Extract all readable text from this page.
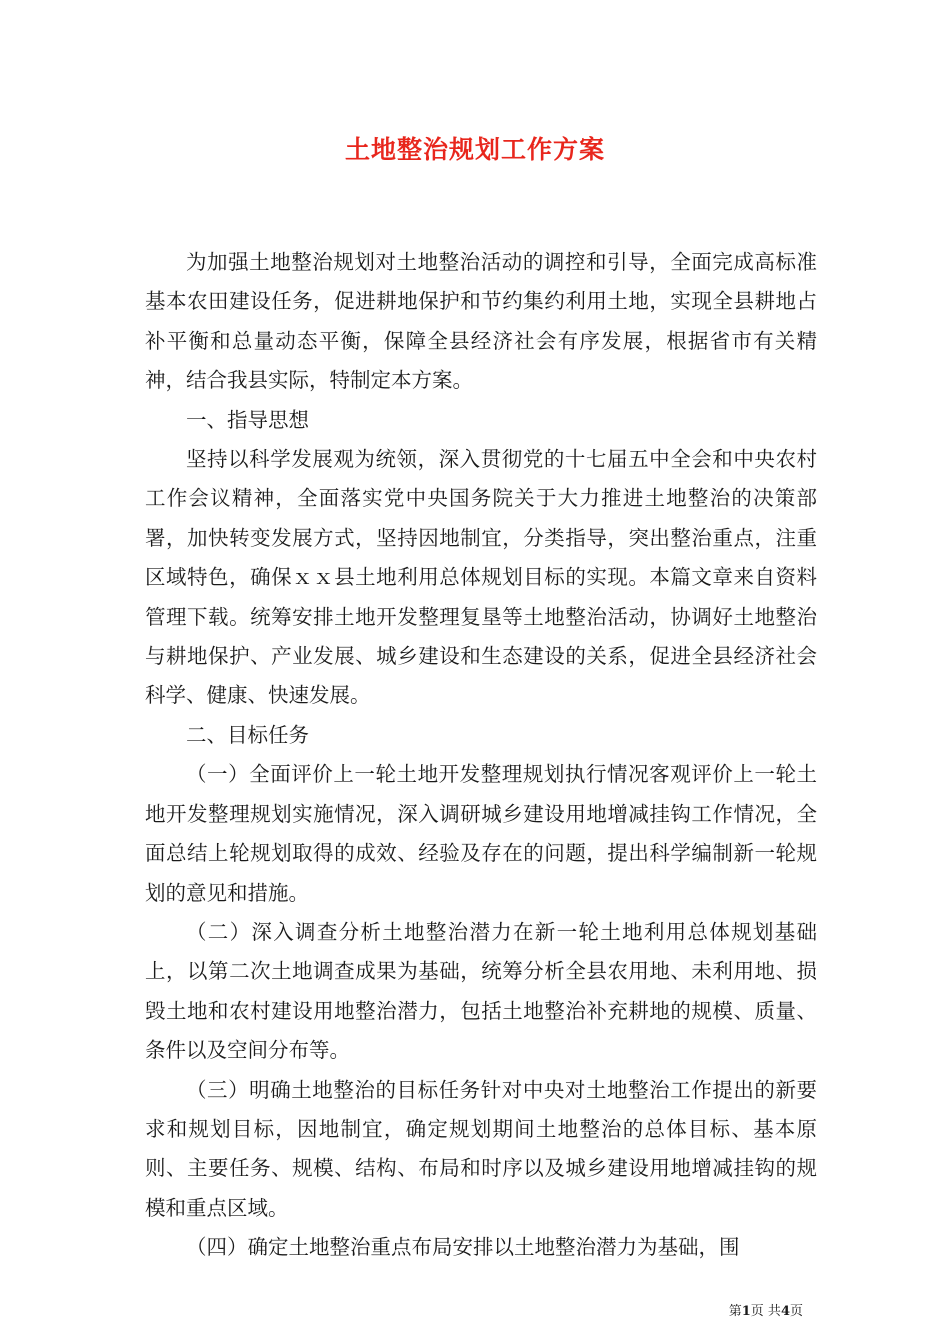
土地整治规划工作方案

为加强土地整治规划对土地整治活动的调控和引导，全面完成高标准基本农田建设任务，促进耕地保护和节约集约利用土地，实现全县耕地占补平衡和总量动态平衡，保障全县经济社会有序发展，根据省市有关精神，结合我县实际，特制定本方案。

一、指导思想

坚持以科学发展观为统领，深入贯彻党的十七届五中全会和中央农村工作会议精神，全面落实党中央国务院关于大力推进土地整治的决策部署，加快转变发展方式，坚持因地制宜，分类指导，突出整治重点，注重区域特色，确保ｘｘ县土地利用总体规划目标的实现。本篇文章来自资料管理下载。统筹安排土地开发整理复垦等土地整治活动，协调好土地整治与耕地保护、产业发展、城乡建设和生态建设的关系，促进全县经济社会科学、健康、快速发展。

二、目标任务

（一）全面评价上一轮土地开发整理规划执行情况客观评价上一轮土地开发整理规划实施情况，深入调研城乡建设用地增减挂钩工作情况，全面总结上轮规划取得的成效、经验及存在的问题，提出科学编制新一轮规划的意见和措施。

（二）深入调查分析土地整治潜力在新一轮土地利用总体规划基础上，以第二次土地调查成果为基础，统筹分析全县农用地、未利用地、损毁土地和农村建设用地整治潜力，包括土地整治补充耕地的规模、质量、条件以及空间分布等。

（三）明确土地整治的目标任务针对中央对土地整治工作提出的新要求和规划目标，因地制宜，确定规划期间土地整治的总体目标、基本原则、主要任务、规模、结构、布局和时序以及城乡建设用地增减挂钩的规模和重点区域。

（四）确定土地整治重点布局安排以土地整治潜力为基础，围

第1页 共4页
